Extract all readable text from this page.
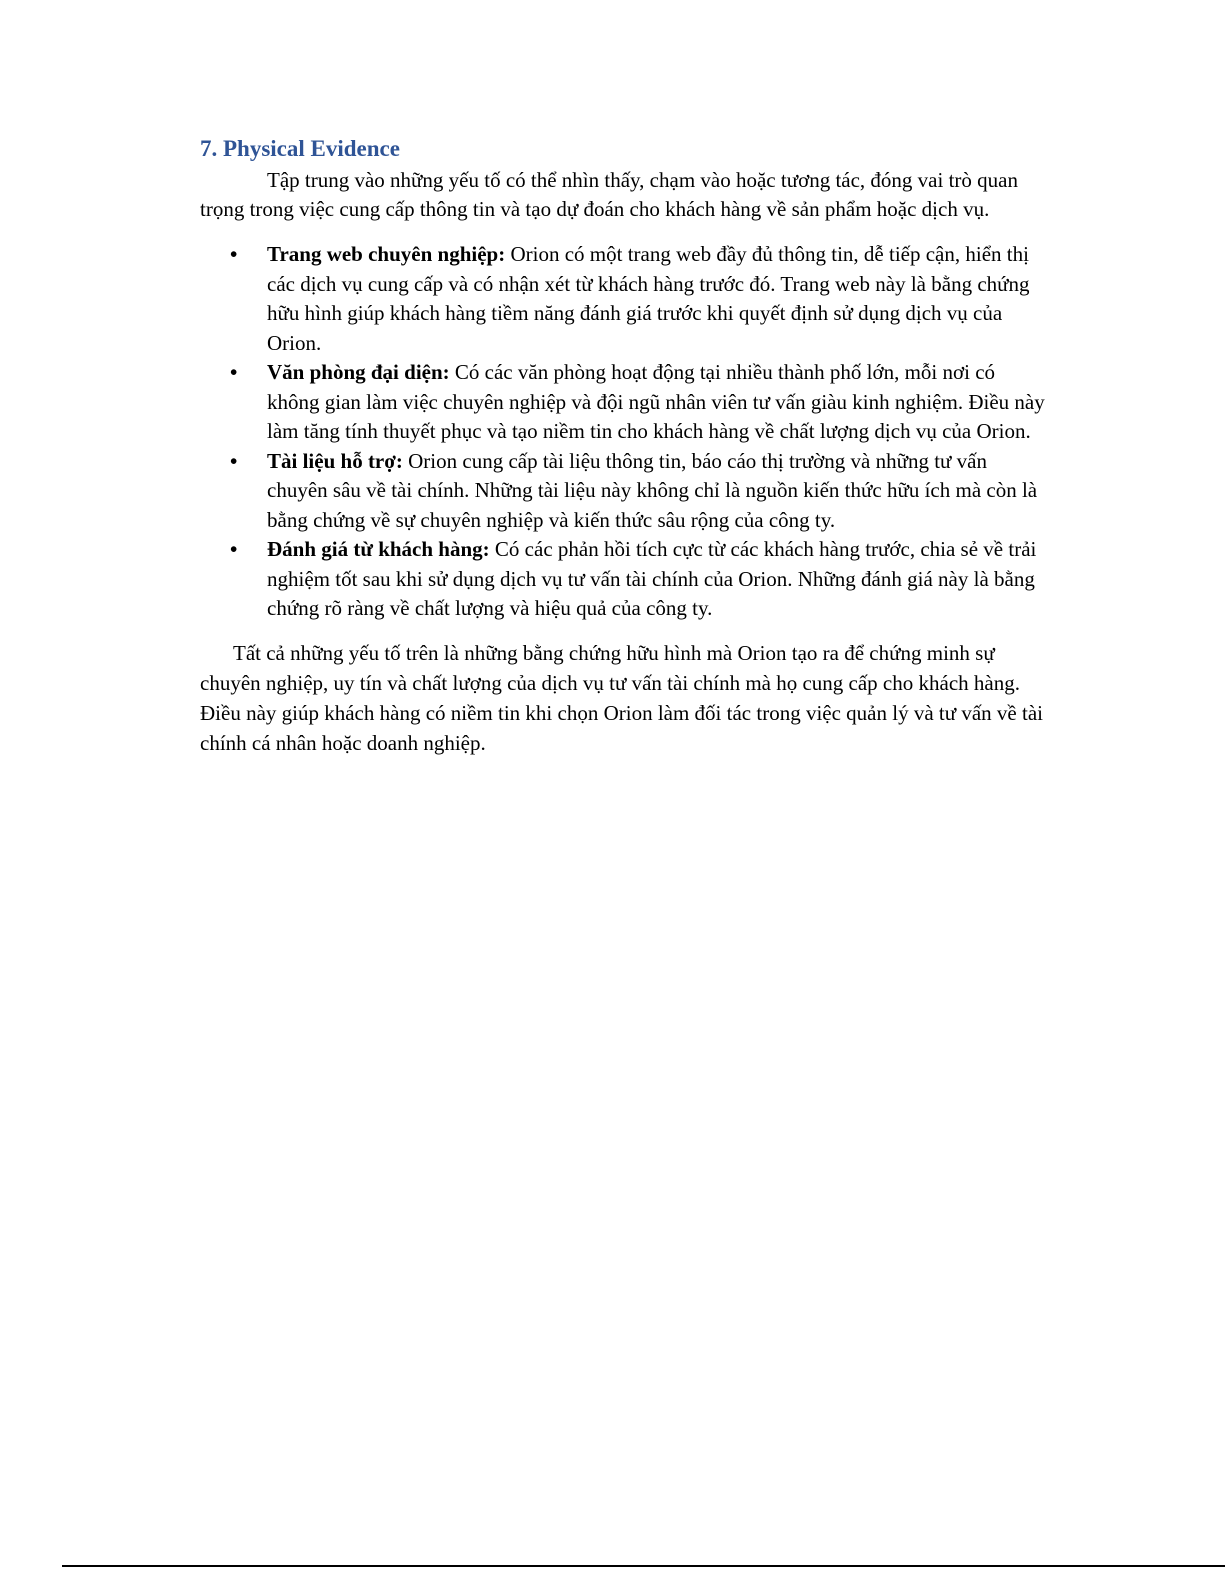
7. Physical Evidence

Tập trung vào những yếu tố có thể nhìn thấy, chạm vào hoặc tương tác, đóng vai trò quan trọng trong việc cung cấp thông tin và tạo dự đoán cho khách hàng về sản phẩm hoặc dịch vụ.

• Trang web chuyên nghiệp: Orion có một trang web đầy đủ thông tin, dễ tiếp cận, hiển thị các dịch vụ cung cấp và có nhận xét từ khách hàng trước đó. Trang web này là bằng chứng hữu hình giúp khách hàng tiềm năng đánh giá trước khi quyết định sử dụng dịch vụ của Orion.
• Văn phòng đại diện: Có các văn phòng hoạt động tại nhiều thành phố lớn, mỗi nơi có không gian làm việc chuyên nghiệp và đội ngũ nhân viên tư vấn giàu kinh nghiệm. Điều này làm tăng tính thuyết phục và tạo niềm tin cho khách hàng về chất lượng dịch vụ của Orion.
• Tài liệu hỗ trợ: Orion cung cấp tài liệu thông tin, báo cáo thị trường và những tư vấn chuyên sâu về tài chính. Những tài liệu này không chỉ là nguồn kiến thức hữu ích mà còn là bằng chứng về sự chuyên nghiệp và kiến thức sâu rộng của công ty.
• Đánh giá từ khách hàng: Có các phản hồi tích cực từ các khách hàng trước, chia sẻ về trải nghiệm tốt sau khi sử dụng dịch vụ tư vấn tài chính của Orion. Những đánh giá này là bằng chứng rõ ràng về chất lượng và hiệu quả của công ty.

Tất cả những yếu tố trên là những bằng chứng hữu hình mà Orion tạo ra để chứng minh sự chuyên nghiệp, uy tín và chất lượng của dịch vụ tư vấn tài chính mà họ cung cấp cho khách hàng. Điều này giúp khách hàng có niềm tin khi chọn Orion làm đối tác trong việc quản lý và tư vấn về tài chính cá nhân hoặc doanh nghiệp.
